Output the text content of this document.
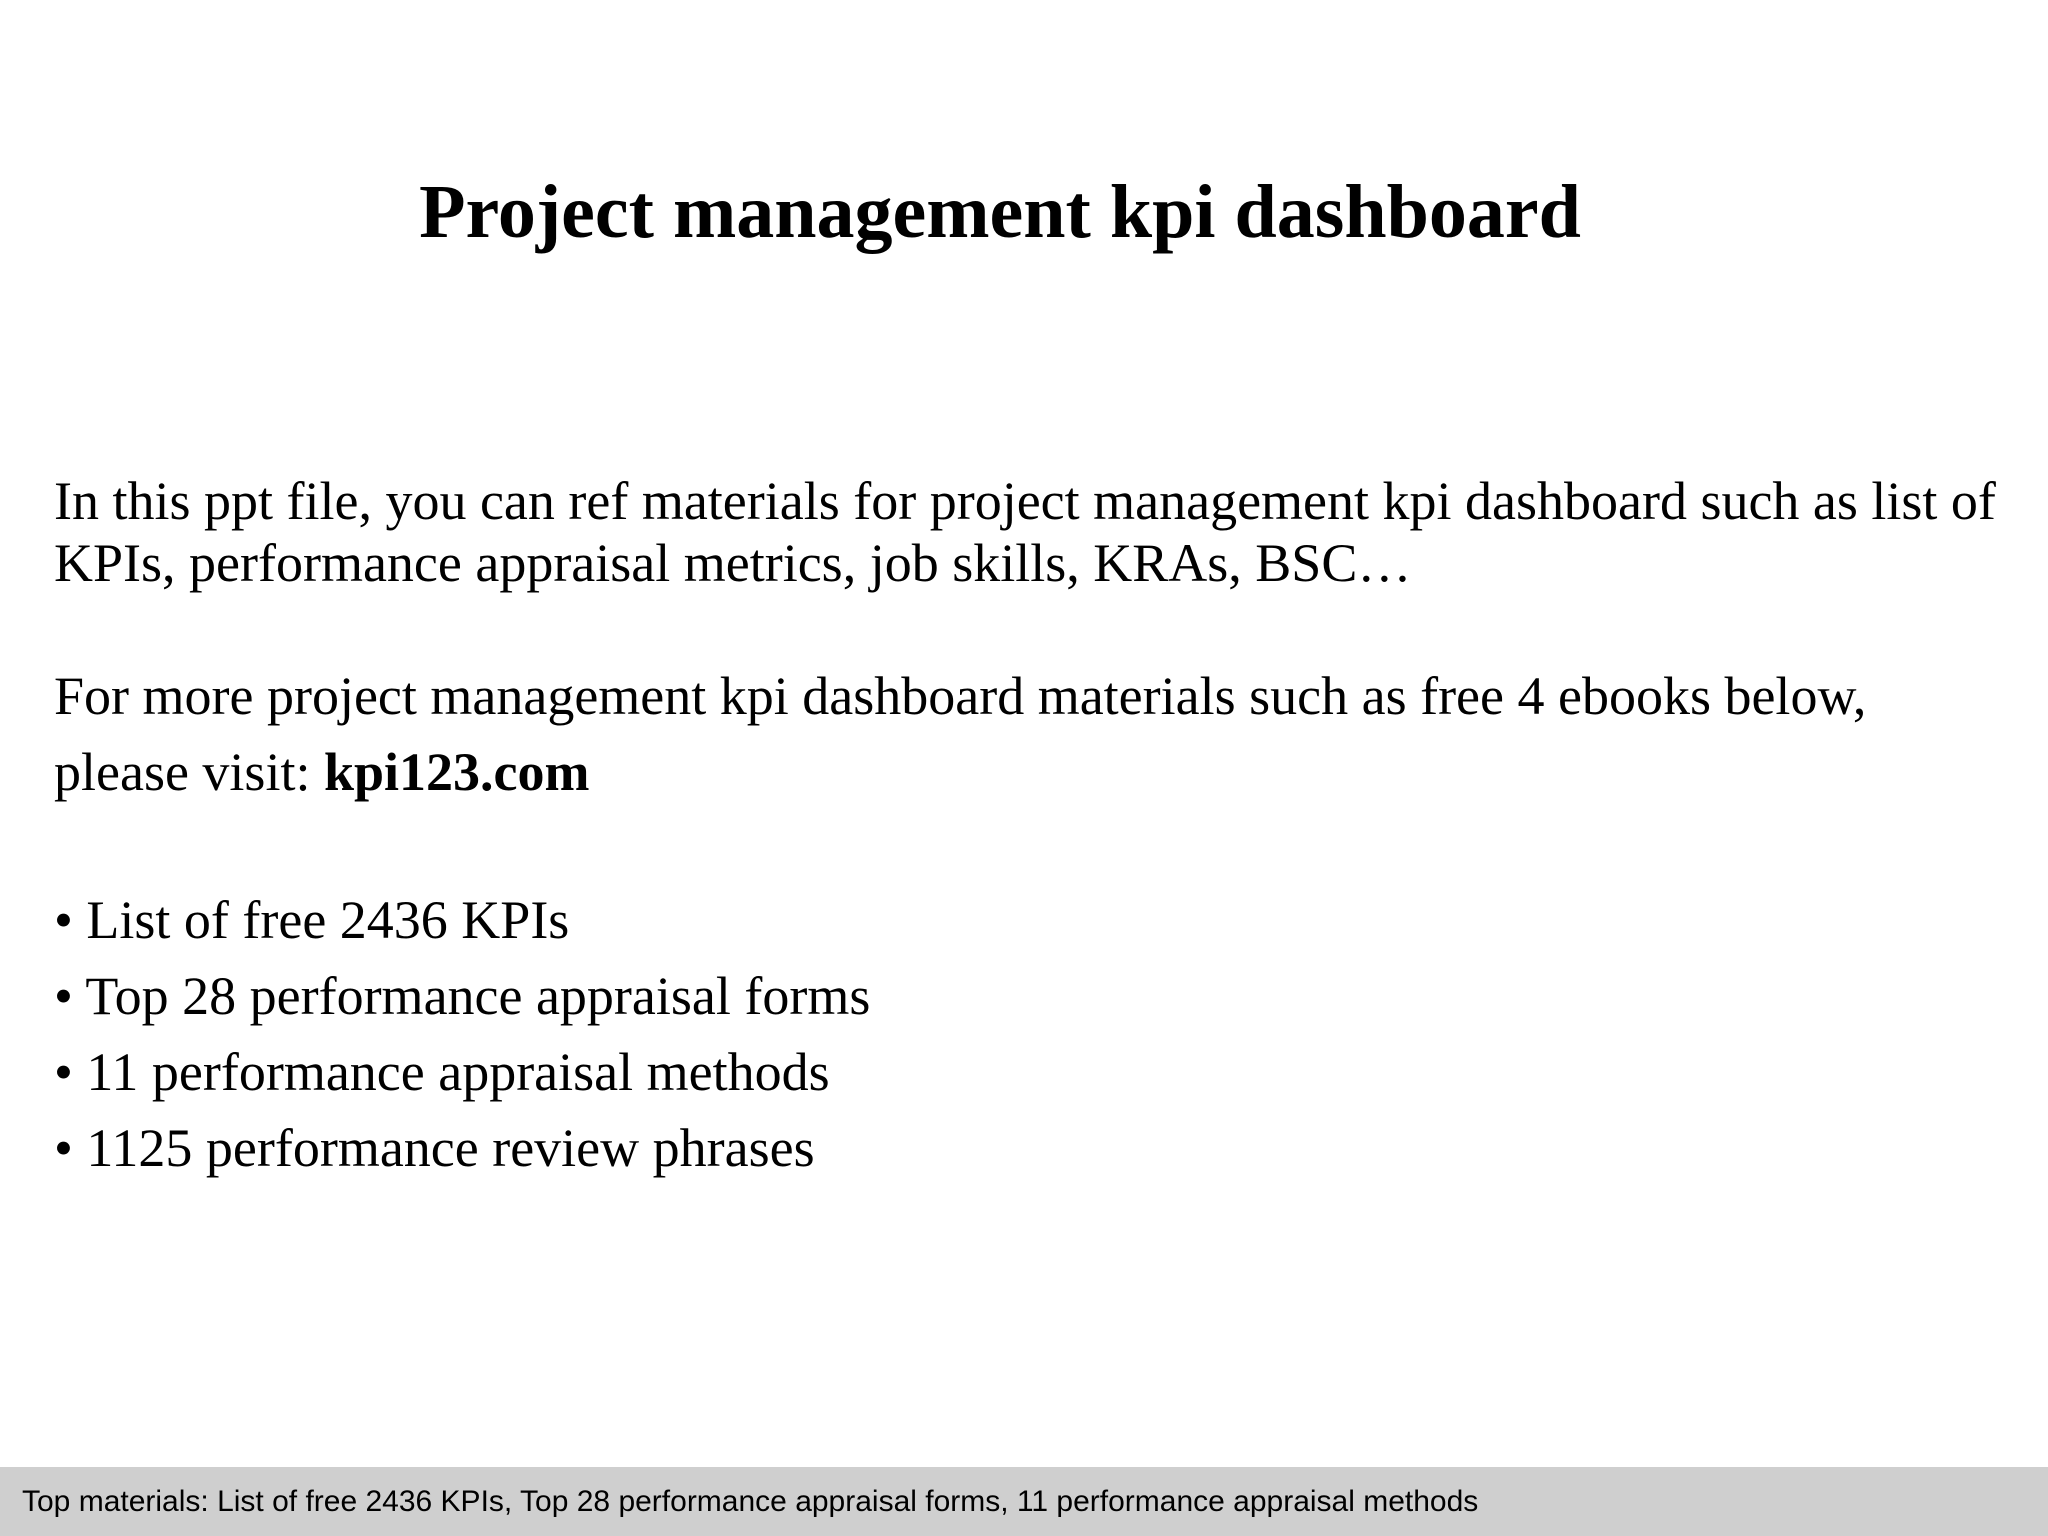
Project management kpi dashboard

In this ppt file, you can ref materials for project management kpi dashboard such as list of KPIs, performance appraisal metrics, job skills, KRAs, BSC…

For more project management kpi dashboard materials such as free 4 ebooks below, please visit: kpi123.com

• List of free 2436 KPIs
• Top 28 performance appraisal forms
• 11 performance appraisal methods
• 1125 performance review phrases
Top materials: List of free 2436 KPIs, Top 28 performance appraisal forms, 11 performance appraisal methods
